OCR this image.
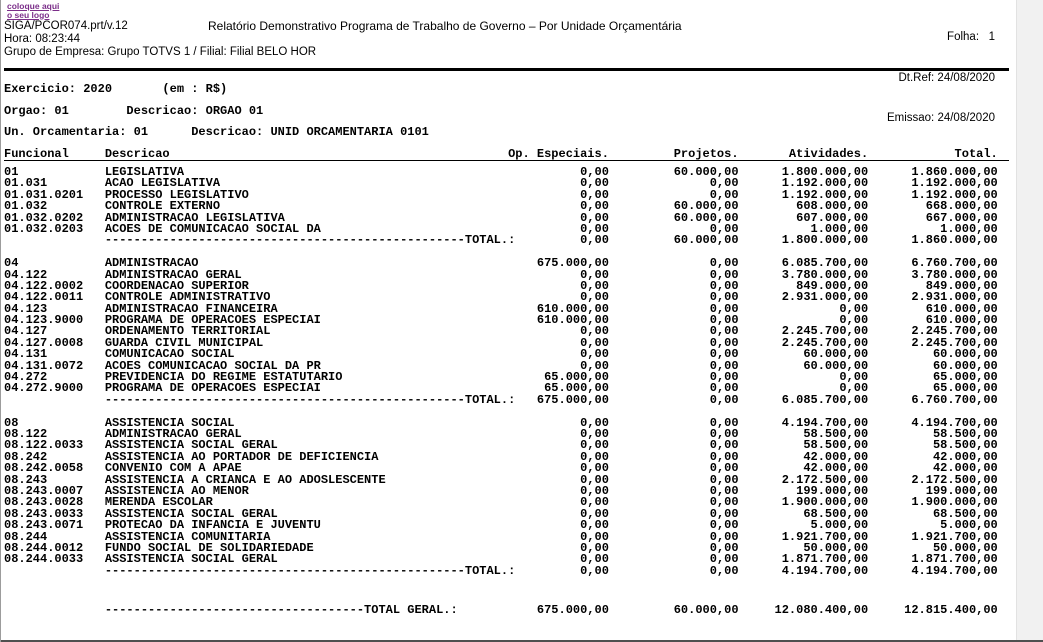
coloque aqui
o seu logo
SIGA/PCOR074.prt/v.12
Hora: 08:23:44
Grupo de Empresa: Grupo TOTVS 1 / Filial: Filial BELO HOR
Relatório Demonstrativo Programa de Trabalho de Governo – Por Unidade Orçamentária

Folha:   1

Dt.Ref: 24/08/2020

Emissao: 24/08/2020

Exercicio: 2020       (em : R$)
Orgao: 01        Descricao: ORGAO 01
Un. Orcamentaria: 01      Descricao: UNID ORCAMENTARIA 0101
Funcional     Descricao                                               Op. Especiais.         Projetos.       Atividades.            Total.
01            LEGISLATIVA                                                       0,00         60.000,00      1.800.000,00      1.860.000,00
01.031        ACAO LEGISLATIVA                                                  0,00              0,00      1.192.000,00      1.192.000,00
01.031.0201   PROCESSO LEGISLATIVO                                              0,00              0,00      1.192.000,00      1.192.000,00
01.032        CONTROLE EXTERNO                                                  0,00         60.000,00        608.000,00        668.000,00
01.032.0202   ADMINISTRACAO LEGISLATIVA                                         0,00         60.000,00        607.000,00        667.000,00
01.032.0203   ACOES DE COMUNICACAO SOCIAL DA                                    0,00              0,00          1.000,00          1.000,00
--------------------------------------------------TOTAL.:         0,00         60.000,00      1.800.000,00      1.860.000,00
04            ADMINISTRACAO                                               675.000,00              0,00      6.085.700,00      6.760.700,00
04.122        ADMINISTRACAO GERAL                                               0,00              0,00      3.780.000,00      3.780.000,00
04.122.0002   COORDENACAO SUPERIOR                                              0,00              0,00        849.000,00        849.000,00
04.122.0011   CONTROLE ADMINISTRATIVO                                           0,00              0,00      2.931.000,00      2.931.000,00
04.123        ADMINISTRACAO FINANCEIRA                                    610.000,00              0,00              0,00        610.000,00
04.123.9000   PROGRAMA DE OPERACOES ESPECIAI                              610.000,00              0,00              0,00        610.000,00
04.127        ORDENAMENTO TERRITORIAL                                           0,00              0,00      2.245.700,00      2.245.700,00
04.127.0008   GUARDA CIVIL MUNICIPAL                                            0,00              0,00      2.245.700,00      2.245.700,00
04.131        COMUNICACAO SOCIAL                                                0,00              0,00         60.000,00         60.000,00
04.131.0072   ACOES COMUNICACAO SOCIAL DA PR                                    0,00              0,00         60.000,00         60.000,00
04.272        PREVIDENCIA DO REGIME ESTATUTARIO                            65.000,00              0,00              0,00         65.000,00
04.272.9000   PROGRAMA DE OPERACOES ESPECIAI                               65.000,00              0,00              0,00         65.000,00
--------------------------------------------------TOTAL.:   675.000,00              0,00      6.085.700,00      6.760.700,00
08            ASSISTENCIA SOCIAL                                                0,00              0,00      4.194.700,00      4.194.700,00
08.122        ADMINISTRACAO GERAL                                               0,00              0,00         58.500,00         58.500,00
08.122.0033   ASSISTENCIA SOCIAL GERAL                                          0,00              0,00         58.500,00         58.500,00
08.242        ASSISTENCIA AO PORTADOR DE DEFICIENCIA                            0,00              0,00         42.000,00         42.000,00
08.242.0058   CONVENIO COM A APAE                                               0,00              0,00         42.000,00         42.000,00
08.243        ASSISTENCIA A CRIANCA E AO ADOSLESCENTE                           0,00              0,00      2.172.500,00      2.172.500,00
08.243.0007   ASSISTENCIA AO MENOR                                              0,00              0,00        199.000,00        199.000,00
08.243.0028   MERENDA ESCOLAR                                                   0,00              0,00      1.900.000,00      1.900.000,00
08.243.0033   ASSISTENCIA SOCIAL GERAL                                          0,00              0,00         68.500,00         68.500,00
08.243.0071   PROTECAO DA INFANCIA E JUVENTU                                    0,00              0,00          5.000,00          5.000,00
08.244        ASSISTENCIA COMUNITARIA                                           0,00              0,00      1.921.700,00      1.921.700,00
08.244.0012   FUNDO SOCIAL DE SOLIDARIEDADE                                     0,00              0,00         50.000,00         50.000,00
08.244.0033   ASSISTENCIA SOCIAL GERAL                                          0,00              0,00      1.871.700,00      1.871.700,00
--------------------------------------------------TOTAL.:         0,00              0,00      4.194.700,00      4.194.700,00
------------------------------------TOTAL GERAL.:           675.000,00         60.000,00     12.080.400,00     12.815.400,00
